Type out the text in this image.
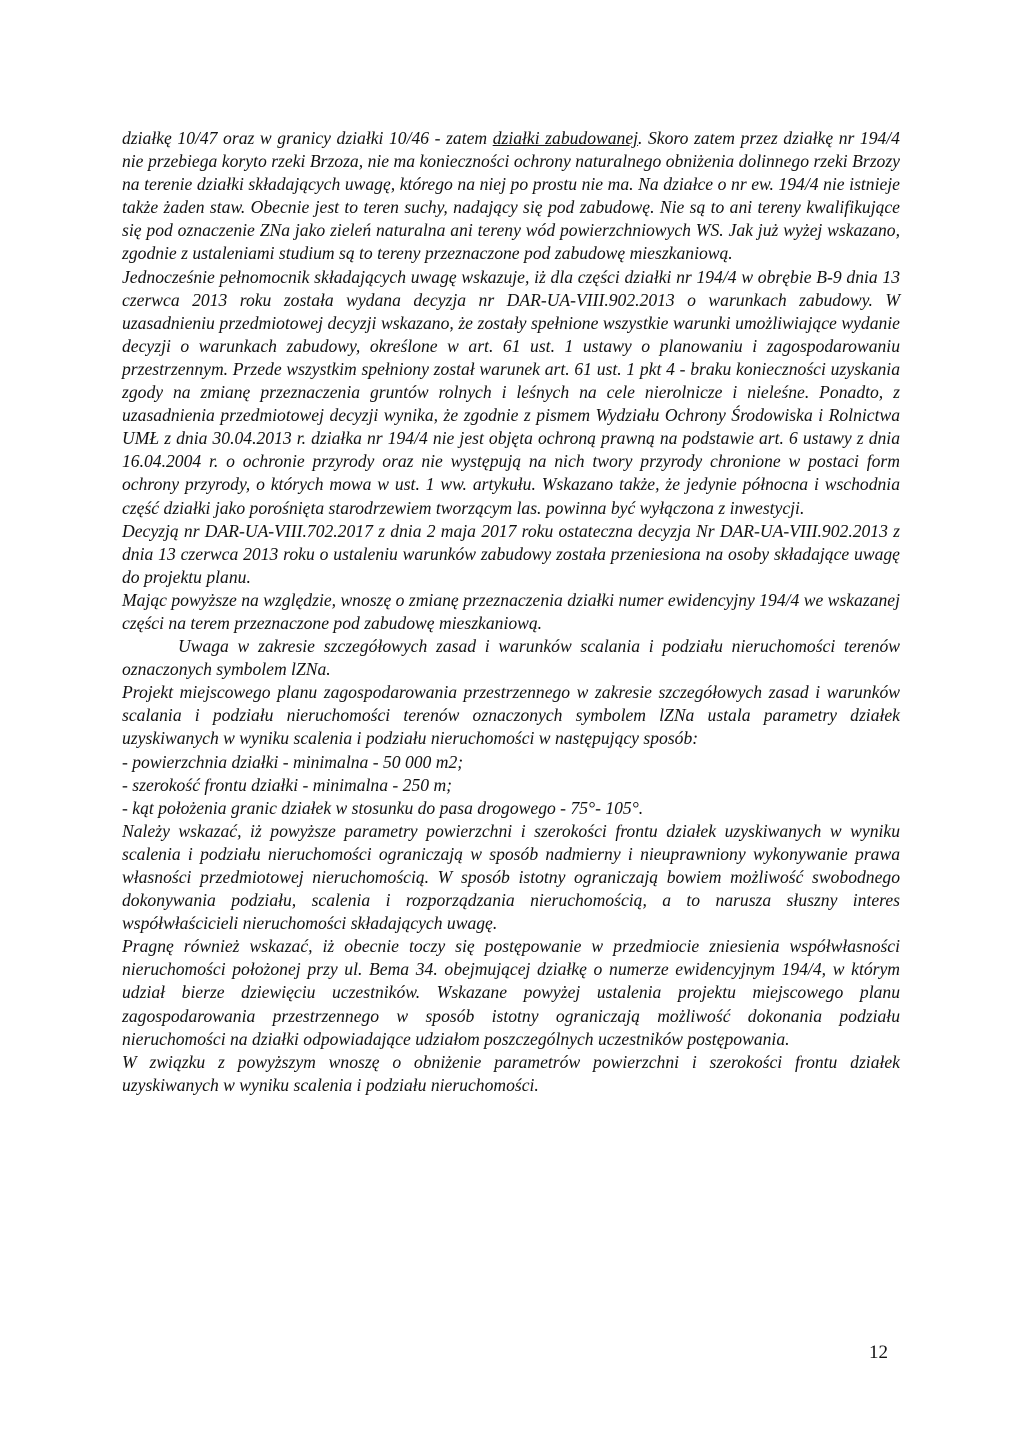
działkę 10/47 oraz w granicy działki 10/46 - zatem działki zabudowanej. Skoro zatem przez działkę nr 194/4 nie przebiega koryto rzeki Brzoza, nie ma konieczności ochrony naturalnego obniżenia dolinnego rzeki Brzozy na terenie działki składających uwagę, którego na niej po prostu nie ma. Na działce o nr ew. 194/4 nie istnieje także żaden staw. Obecnie jest to teren suchy, nadający się pod zabudowę. Nie są to ani tereny kwalifikujące się pod oznaczenie ZNa jako zieleń naturalna ani tereny wód powierzchniowych WS. Jak już wyżej wskazano, zgodnie z ustaleniami studium są to tereny przeznaczone pod zabudowę mieszkaniową.

Jednocześnie pełnomocnik składających uwagę wskazuje, iż dla części działki nr 194/4 w obrębie B-9 dnia 13 czerwca 2013 roku została wydana decyzja nr DAR-UA-VIII.902.2013 o warunkach zabudowy. W uzasadnieniu przedmiotowej decyzji wskazano, że zostały spełnione wszystkie warunki umożliwiające wydanie decyzji o warunkach zabudowy, określone w art. 61 ust. 1 ustawy o planowaniu i zagospodarowaniu przestrzennym. Przede wszystkim spełniony został warunek art. 61 ust. 1 pkt 4 - braku konieczności uzyskania zgody na zmianę przeznaczenia gruntów rolnych i leśnych na cele nierolnicze i nieleśne. Ponadto, z uzasadnienia przedmiotowej decyzji wynika, że zgodnie z pismem Wydziału Ochrony Środowiska i Rolnictwa UMŁ z dnia 30.04.2013 r. działka nr 194/4 nie jest objęta ochroną prawną na podstawie art. 6 ustawy z dnia 16.04.2004 r. o ochronie przyrody oraz nie występują na nich twory przyrody chronione w postaci form ochrony przyrody, o których mowa w ust. 1 ww. artykułu. Wskazano także, że jedynie północna i wschodnia część działki jako porośnięta starodrzewiem tworzącym las. powinna być wyłączona z inwestycji.

Decyzją nr DAR-UA-VIII.702.2017 z dnia 2 maja 2017 roku ostateczna decyzja Nr DAR-UA-VIII.902.2013 z dnia 13 czerwca 2013 roku o ustaleniu warunków zabudowy została przeniesiona na osoby składające uwagę do projektu planu.

Mając powyższe na względzie, wnoszę o zmianę przeznaczenia działki numer ewidencyjny 194/4 we wskazanej części na terem przeznaczone pod zabudowę mieszkaniową.

Uwaga w zakresie szczegółowych zasad i warunków scalania i podziału nieruchomości terenów oznaczonych symbolem lZNa.

Projekt miejscowego planu zagospodarowania przestrzennego w zakresie szczegółowych zasad i warunków scalania i podziału nieruchomości terenów oznaczonych symbolem lZNa ustala parametry działek uzyskiwanych w wyniku scalenia i podziału nieruchomości w następujący sposób:

- powierzchnia działki - minimalna - 50 000 m2;

- szerokość frontu działki - minimalna - 250 m;

- kąt położenia granic działek w stosunku do pasa drogowego - 75°- 105°.

Należy wskazać, iż powyższe parametry powierzchni i szerokości frontu działek uzyskiwanych w wyniku scalenia i podziału nieruchomości ograniczają w sposób nadmierny i nieuprawniony wykonywanie prawa własności przedmiotowej nieruchomością. W sposób istotny ograniczają bowiem możliwość swobodnego dokonywania podziału, scalenia i rozporządzania nieruchomością, a to narusza słuszny interes współwłaścicieli nieruchomości składających uwagę.

Pragnę również wskazać, iż obecnie toczy się postępowanie w przedmiocie zniesienia współwłasności nieruchomości położonej przy ul. Bema 34. obejmującej działkę o numerze ewidencyjnym 194/4, w którym udział bierze dziewięciu uczestników. Wskazane powyżej ustalenia projektu miejscowego planu zagospodarowania przestrzennego w sposób istotny ograniczają możliwość dokonania podziału nieruchomości na działki odpowiadające udziałom poszczególnych uczestników postępowania.

W związku z powyższym wnoszę o obniżenie parametrów powierzchni i szerokości frontu działek uzyskiwanych w wyniku scalenia i podziału nieruchomości.

12
